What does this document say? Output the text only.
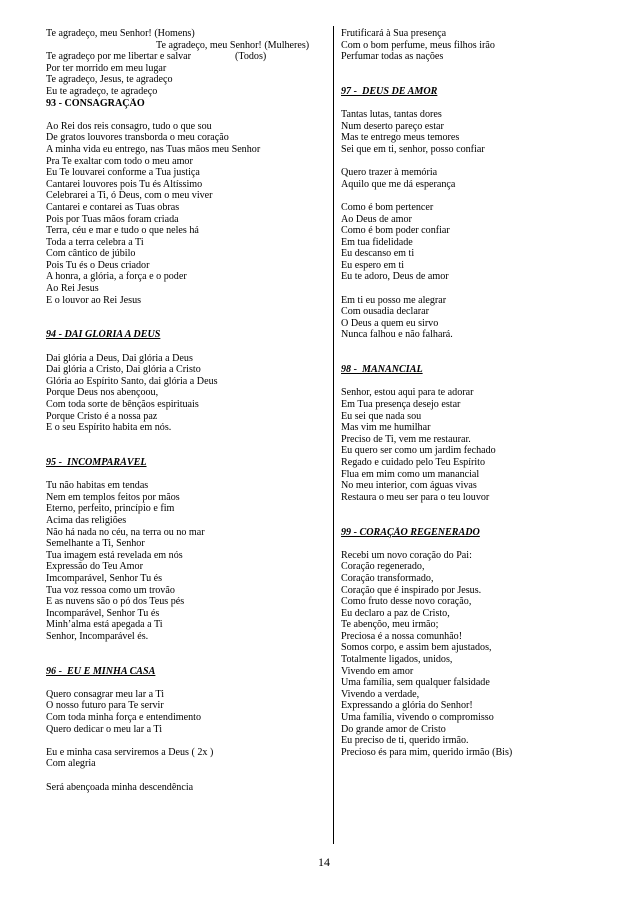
Te agradeço, meu Senhor! (Homens)
Te agradeço, meu Senhor! (Mulheres)
Te agradeço por me libertar e salvar	(Todos)
Por ter morrido em meu lugar
Te agradeço, Jesus, te agradeço
Eu te agradeço, te agradeço
93 - CONSAGRAÇÃO
Ao Rei dos reis consagro, tudo o que sou
De gratos louvores transborda o meu coração
A minha vida eu entrego, nas Tuas mãos meu Senhor
Pra Te exaltar com todo o meu amor
Eu Te louvarei conforme a Tua justiça
Cantarei louvores pois Tu és Altíssimo
Celebrarei a Ti, ó Deus, com o meu viver
Cantarei e contarei as Tuas obras
Pois por Tuas mãos foram criada
Terra, céu e mar e tudo o que neles há
Toda a terra celebra a Ti
Com cântico de júbilo
Pois Tu és o Deus criador
A honra, a glória, a força e o poder
Ao Rei Jesus
E o louvor ao Rei Jesus
94 - DAI GLÓRIA A DEUS
Dai glória a Deus, Dai glória a Deus
Dai glória a Cristo, Dai glória a Cristo
Glória ao Espírito Santo, dai glória a Deus
Porque Deus nos abençoou,
Com toda sorte de bênçãos espirituais
Porque Cristo é a nossa paz
E o seu Espírito habita em nós.
95 - INCOMPARÁVEL
Tu não habitas em tendas
Nem em templos feitos por mãos
Eterno, perfeito, princípio e fim
Acima das religiões
Não há nada no céu, na terra ou no mar
Semelhante a Ti, Senhor
Tua imagem está revelada em nós
Expressão do Teu Amor
Imcomparável, Senhor Tu és
Tua voz ressoa como um trovão
E as nuvens são o pó dos Teus pés
Incomparável, Senhor Tu és
Minh’alma está apegada a Ti
Senhor, Incomparável és.
96 - EU E MINHA CASA
Quero consagrar meu lar a Ti
O nosso futuro para Te servir
Com toda minha força e entendimento
Quero dedicar o meu lar a Ti
Eu e minha casa serviremos a Deus ( 2x )
Com alegria
Será abençoada minha descendência
Frutificará à Sua presença
Com o bom perfume, meus filhos irão
Perfumar todas as nações
97 - DEUS DE AMOR
Tantas lutas, tantas dores
Num deserto pareço estar
Mas te entrego meus temores
Sei que em ti, senhor, posso confiar
Quero trazer à memória
Aquilo que me dá esperança
Como é bom pertencer
Ao Deus de amor
Como é bom poder confiar
Em tua fidelidade
Eu descanso em ti
Eu espero em ti
Eu te adoro, Deus de amor
Em ti eu posso me alegrar
Com ousadia declarar
O Deus a quem eu sirvo
Nunca falhou e não falhará.
98 - MANANCIAL
Senhor, estou aqui para te adorar
Em Tua presença desejo estar
Eu sei que nada sou
Mas vim me humilhar
Preciso de Ti, vem me restaurar.
Eu quero ser como um jardim fechado
Regado e cuidado pelo Teu Espírito
Flua em mim como um manancial
No meu interior, com águas vivas
Restaura o meu ser para o teu louvor
99 - CORAÇÃO REGENERADO
Recebi um novo coração do Pai:
Coração regenerado,
Coração transformado,
Coração que é inspirado por Jesus.
Como fruto desse novo coração,
Eu declaro a paz de Cristo,
Te abençõo, meu irmão;
Preciosa é a nossa comunhão!
Somos corpo, e assim bem ajustados,
Totalmente ligados, unidos,
Vivendo em amor
Uma família, sem qualquer falsidade
Vivendo a verdade,
Expressando a glória do Senhor!
Uma família, vivendo o compromisso
Do grande amor de Cristo
Eu preciso de ti, querido irmão.
Precioso és para mim, querido irmão (Bis)
14
